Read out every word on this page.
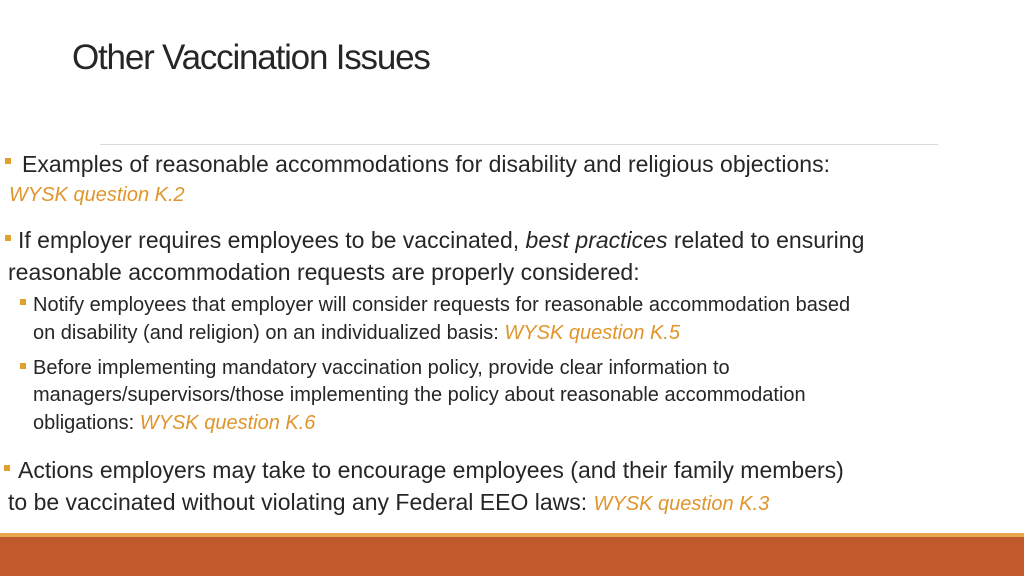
Other Vaccination Issues
Examples of reasonable accommodations for disability and religious objections:
WYSK question K.2
If employer requires employees to be vaccinated, best practices related to ensuring
reasonable accommodation requests are properly considered:
Notify employees that employer will consider requests for reasonable accommodation based
on disability (and religion) on an individualized basis: WYSK question K.5
Before implementing mandatory vaccination policy, provide clear information to
managers/supervisors/those implementing the policy about reasonable accommodation
obligations: WYSK question K.6
Actions employers may take to encourage employees (and their family members)
to be vaccinated without violating any Federal EEO laws: WYSK question K.3
